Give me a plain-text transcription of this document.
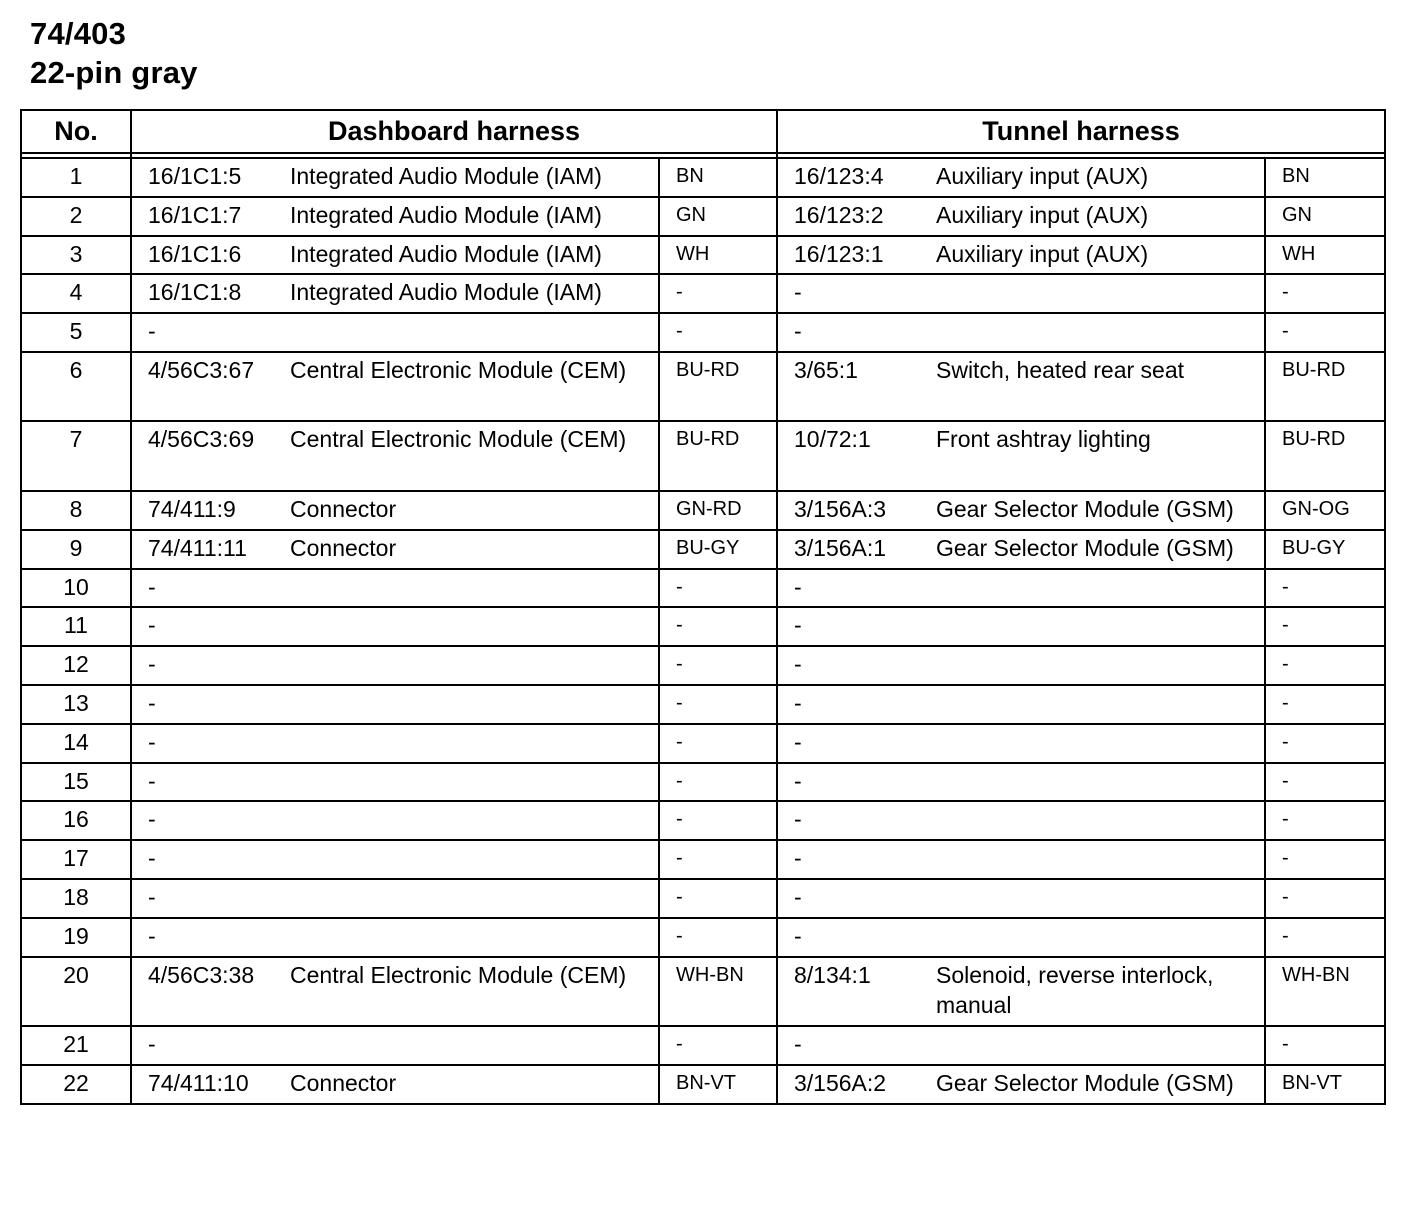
74/403
22-pin gray
No.	Dashboard harness		Tunnel harness	

1	16/1C1:5 Integrated Audio Module (IAM)	BN	16/123:4 Auxiliary input (AUX)	BN
2	16/1C1:7 Integrated Audio Module (IAM)	GN	16/123:2 Auxiliary input (AUX)	GN
3	16/1C1:6 Integrated Audio Module (IAM)	WH	16/123:1 Auxiliary input (AUX)	WH
4	16/1C1:8 Integrated Audio Module (IAM)	-	-	-
5	-	-	-	-
6	4/56C3:67 Central Electronic Module (CEM)	BU-RD	3/65:1 Switch, heated rear seat	BU-RD
7	4/56C3:69 Central Electronic Module (CEM)	BU-RD	10/72:1 Front ashtray lighting	BU-RD
8	74/411:9 Connector	GN-RD	3/156A:3 Gear Selector Module (GSM)	GN-OG
9	74/411:11 Connector	BU-GY	3/156A:1 Gear Selector Module (GSM)	BU-GY
10	-	-	-	-
11	-	-	-	-
12	-	-	-	-
13	-	-	-	-
14	-	-	-	-
15	-	-	-	-
16	-	-	-	-
17	-	-	-	-
18	-	-	-	-
19	-	-	-	-
20	4/56C3:38 Central Electronic Module (CEM)	WH-BN	8/134:1 Solenoid, reverse interlock, manual	WH-BN
21	-	-	-	-
22	74/411:10 Connector	BN-VT	3/156A:2 Gear Selector Module (GSM)	BN-VT
